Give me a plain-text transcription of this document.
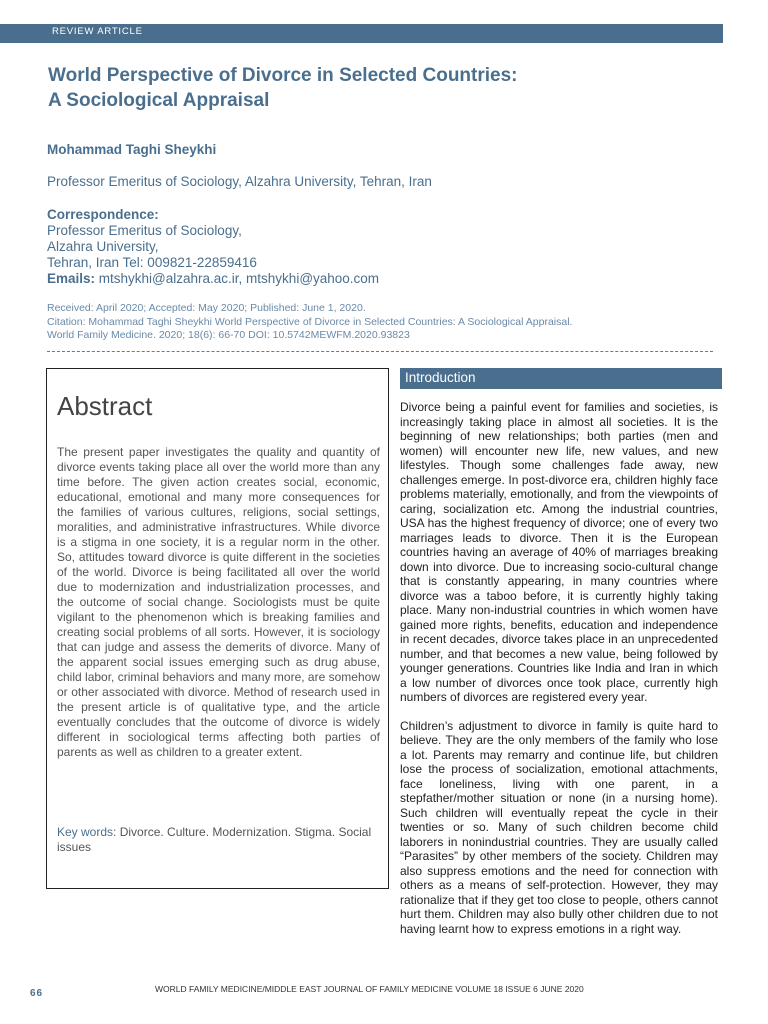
REVIEW ARTICLE
World Perspective of Divorce in Selected Countries:
A Sociological Appraisal
Mohammad Taghi Sheykhi
Professor Emeritus of Sociology, Alzahra University, Tehran, Iran
Correspondence:
Professor Emeritus of Sociology,
Alzahra University,
Tehran, Iran Tel: 009821-22859416
Emails: mtshykhi@alzahra.ac.ir, mtshykhi@yahoo.com
Received: April 2020; Accepted: May 2020; Published: June 1, 2020.
Citation: Mohammad Taghi Sheykhi World Perspective of Divorce in Selected Countries: A Sociological Appraisal.
World Family Medicine. 2020; 18(6): 66-70 DOI: 10.5742MEWFM.2020.93823
Abstract
The present paper investigates the quality and quantity of divorce events taking place all over the world more than any time before. The given action creates social, economic, educational, emotional and many more consequences for the families of various cultures, religions, social settings, moralities, and administrative infrastructures. While divorce is a stigma in one society, it is a regular norm in the other. So, attitudes toward divorce is quite different in the societies of the world. Divorce is being facilitated all over the world due to modernization and industrialization processes, and the outcome of social change. Sociologists must be quite vigilant to the phenomenon which is breaking families and creating social problems of all sorts. However, it is sociology that can judge and assess the demerits of divorce. Many of the apparent social issues emerging such as drug abuse, child labor, criminal behaviors and many more, are somehow or other associated with divorce. Method of research used in the present article is of qualitative type, and the article eventually concludes that the outcome of divorce is widely different in sociological terms affecting both parties of parents as well as children to a greater extent.
Key words: Divorce. Culture. Modernization. Stigma. Social issues
Introduction

Divorce being a painful event for families and societies, is increasingly taking place in almost all societies. It is the beginning of new relationships; both parties (men and women) will encounter new life, new values, and new lifestyles. Though some challenges fade away, new challenges emerge. In post-divorce era, children highly face problems materially, emotionally, and from the viewpoints of caring, socialization etc. Among the industrial countries, USA has the highest frequency of divorce; one of every two marriages leads to divorce. Then it is the European countries having an average of 40% of marriages breaking down into divorce. Due to increasing socio-cultural change that is constantly appearing, in many countries where divorce was a taboo before, it is currently highly taking place. Many non-industrial countries in which women have gained more rights, benefits, education and independence in recent decades, divorce takes place in an unprecedented number, and that becomes a new value, being followed by younger generations. Countries like India and Iran in which a low number of divorces once took place, currently high numbers of divorces are registered every year.

Children’s adjustment to divorce in family is quite hard to believe. They are the only members of the family who lose a lot. Parents may remarry and continue life, but children lose the process of socialization, emotional attachments, face loneliness, living with one parent, in a stepfather/mother situation or none (in a nursing home). Such children will eventually repeat the cycle in their twenties or so. Many of such children become child laborers in nonindustrial countries. They are usually called “Parasites” by other members of the society. Children may also suppress emotions and the need for connection with others as a means of self-protection. However, they may rationalize that if they get too close to people, others cannot hurt them. Children may also bully other children due to not having learnt how to express emotions in a right way.

66	WORLD FAMILY MEDICINE/MIDDLE EAST JOURNAL OF FAMILY MEDICINE VOLUME 18 ISSUE 6 JUNE 2020
